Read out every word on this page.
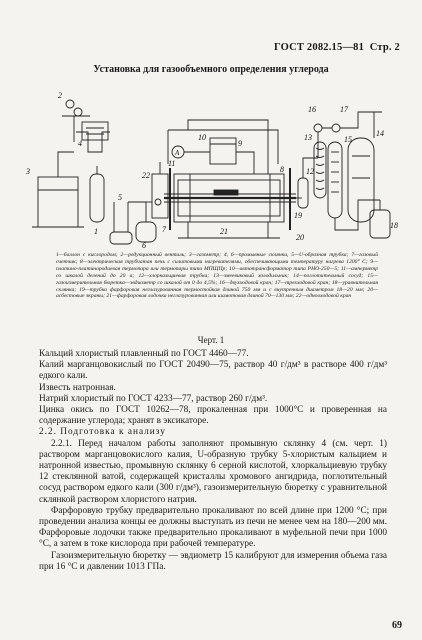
ГОСТ 2082.15—81 Стр. 2
Установка для газообъемного определения углерода
1
2
3
4
5
6
7
8
9
10
11
12
13	14
15
16	17
18
19
20
21
22
А

1—баллон с кислородом; 2—редукционный вентиль; 3—газометр; 4, 6—промывные склянки, 5—U-образная трубка; 7—газовый счетчик; 8—электрическая трубчатая печь с силитовыми нагревателями, обеспечивающими температуру нагрева 1200° С; 9—платино-платинородиевая термопара или термопары типа МПЩПр; 10—автотрансформатор типа РНО-250—5; 11—амперметр со шкалой делений до 20 а; 12—хлоркальциевая трубка; 13—змеевиковый холодильник; 14—поглотительный сосуд; 15—газоизмерительная бюретка—эвдиометр со шкалой от 0 до 4,5%; 16—двухходовой кран; 17—трехходовой кран; 18—уравнительная склянка; 19—трубка фарфоровая неглазурованная термостойкая длиной 750 мм и с внутренним диаметром 18—20 мм; 20—асбестовые экраны; 21—фарфоровая лодочка неглазурованная или шамотовая длиной 70—130 мм; 22—однооходовой кран

Черт. 1

Кальций хлористый плавленный по ГОСТ 4460—77.

Калий марганцовокислый по ГОСТ 20490—75, раствор 40 г/дм³ в растворе 400 г/дм³ едкого кали.

Известь натронная.

Натрий хлористый по ГОСТ 4233—77, раствор 260 г/дм³.

Цинка окись по ГОСТ 10262—78, прокаленная при 1000°С и проверенная на содержание углерода; хранят в эксикаторе.

2.2. Подготовка к анализу

2.2.1. Перед началом работы заполняют промывную склянку 4 (см. черт. 1) раствором марганцовокислого калия, U-образную трубку 5-хлористым кальцием и натронной известью, промывную склянку 6 серной кислотой, хлоркальциевую трубку 12 стеклянной ватой, содержащей кристаллы хромового ангидрида, поглотительный сосуд раствором едкого кали (300 г/дм³), газоизмерительную бюретку с уравнительной склянкой раствором хлористого натрия.

Фарфоровую трубку предварительно прокаливают по всей длине при 1200 °С; при проведении анализа концы ее должны выступать из печи не менее чем на 180—200 мм. Фарфоровые лодочки также предварительно прокаливают в муфельной печи при 1000 °С, а затем в токе кислорода при рабочей температуре.

Газоизмерительную бюретку — эвдиометр 15 калибруют для измерения объема газа при 16 °С и давлении 1013 ГПа.

69
